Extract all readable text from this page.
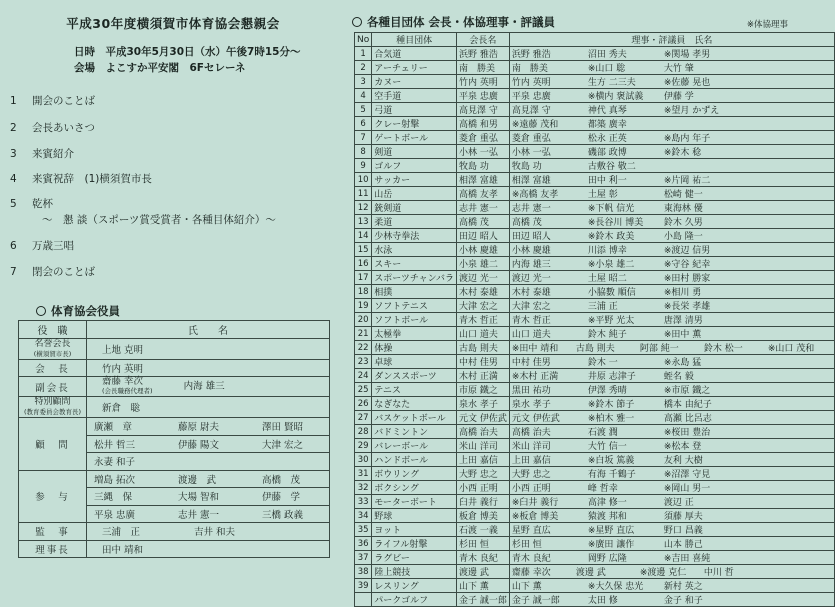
平成30年度横須賀市体育協会懇親会
日時　 平成30年5月30日（水）午後7時15分～
会場　 よこすか平安閣　6Fセレーネ
1 開会のことば
2 会長あいさつ
3 来賓紹介
4 来賓祝辞　(1)横須賀市長
5 乾杯
～　懇 談（スポーツ賞受賞者・各種目体紹介）～
6 万歳三唱
7 閉会のことば
体育協会役員
役　職	氏　　名
名誉会長
(横須賀市長)	上地 克明
会　長	竹内 英明
副会長	齋藤 幸次
(会長職務代理者) 内海 雄三
特別顧問
(教育委員会教育長)	新倉　聡
顧　問	廣瀬　章 藤原 尉夫 澤田 賢昭
	松井 哲三 伊藤 陽文 大津 宏之
	永妻 和子
参　与	増島 拓次 渡邊　武 高橋　茂
	三縄　保 大場 智和 伊藤　学
	平泉 忠廣 志井 憲一 三橋 政義
監　事	三浦　正 吉井 和夫
理事長	田中 靖和
各種目団体 会長・体協理事・評議員	※体協理事
No	種目団体	会長名	理事・評議員　氏名
1	合気道	浜野 雅浩	浜野 雅浩 沼田 秀夫 ※関場 孝男
2	アーチェリー	南　勝美	南　勝美 ※山口 聡 大竹 肇
3	カヌー	竹内 英明	竹内 英明 生方 二三夫 ※佐藤 晃也
4	空手道	平泉 忠廣	平泉 忠廣 ※横内 褒試義 伊藤 学
5	弓道	高見澤 守	高見澤 守 神代 真琴 ※望月 かずえ
6	クレー射撃	高橋 和男	※遠藤 茂和 都築 廣幸
7	ゲートボール	菱倉 重弘	菱倉 重弘 松永 正英 ※島内 年子
8	剣道	小林 一弘	小林 一弘 磯部 政博 ※鈴木 稔
9	ゴルフ	牧島 功	牧島 功 古敷谷 敬二
10	サッカー	相澤 富雄	相澤 富雄 田中 利一 ※片岡 祐二
11	山岳	高橋 友孝	※高橋 友孝 土屋 彰 松崎 健一
12	銃剣道	志井 憲一	志井 憲一 ※下帆 信光 東海林 優
13	柔道	高橋 茂	高橋 茂 ※長谷川 博美 鈴木 久男
14	少林寺拳法	田辺 昭人	田辺 昭人 ※鈴木 政美 小島 隆一
15	水泳	小林 慶雄	小林 慶雄 川添 博幸 ※渡辺 信男
16	スキー	小泉 雄二	内海 雄三 ※小泉 雄二 ※守谷 紀幸
17	スポーツチャンバラ	渡辺 光一	渡辺 光一 土屋 昭二 ※田村 勝家
18	相撲	木村 泰雄	木村 泰雄 小脇數 順信 ※相川 勇
19	ソフトテニス	大津 宏之	大津 宏之 三浦 正 ※長栄 孝雄
20	ソフトボール	青木 哲正	青木 哲正 ※平野 光太 唐澤 清男
21	太極拳	山口 道夫	山口 道夫 鈴木 純子 ※田中 薫
22	体操	古島 則夫	※田中 靖和 古島 則夫 阿部 純一 鈴木 松一 ※山口 茂和
23	卓球	中村 佳男	中村 佳男 鈴木 一 ※永島 猛
24	ダンススポーツ	木村 正満	※木村 正満 井原 志津子 蛭名 毅
25	テニス	市原 鐵之	黒田 祐功 伊澤 秀晴 ※市原 鐵之
26	なぎなた	泉水 孝子	泉水 孝子 ※鈴木 節子 橋本 由紀子
27	バスケットボール	元文 伊佐武	元文 伊佐武 ※柏木 雅一 高瀬 比呂志
28	バドミントン	高橋 治夫	高橋 治夫 石渡 潤 ※桜田 豊治
29	バレーボール	米山 洋司	米山 洋司 大竹 信一 ※松本 登
30	ハンドボール	上田 嘉信	上田 嘉信 ※白坂 篤義 友利 大樹
31	ボウリング	大野 忠之	大野 忠之 有海 千鶴子 ※沼澤 守見
32	ボクシング	小西 正明	小西 正明 峰 哲幸 ※岡山 男一
33	モーターボート	臼井 義行	※臼井 義行 高津 修一 渡辺 正
34	野球	板倉 博美	※板倉 博美 猿渡 邦和 須藤 厚夫
35	ヨット	石渡 一義	星野 直広 ※星野 直広 野口 昌義
36	ライフル射撃	杉田 恒	杉田 恒 ※廣田 讓作 山本 勝己
37	ラグビー	青木 良紀	青木 良紀 岡野 広隆 ※吉田 喜純
38	陸上競技	渡邊 武	齋藤 幸次 渡邊 武 ※渡邊 克仁 中川 哲
39	レスリング	山下 薫	山下 薫 ※大久保 忠光 新村 英之
	パークゴルフ	金子 誠一郎	金子 誠一郎 太田 修 金子 和子
